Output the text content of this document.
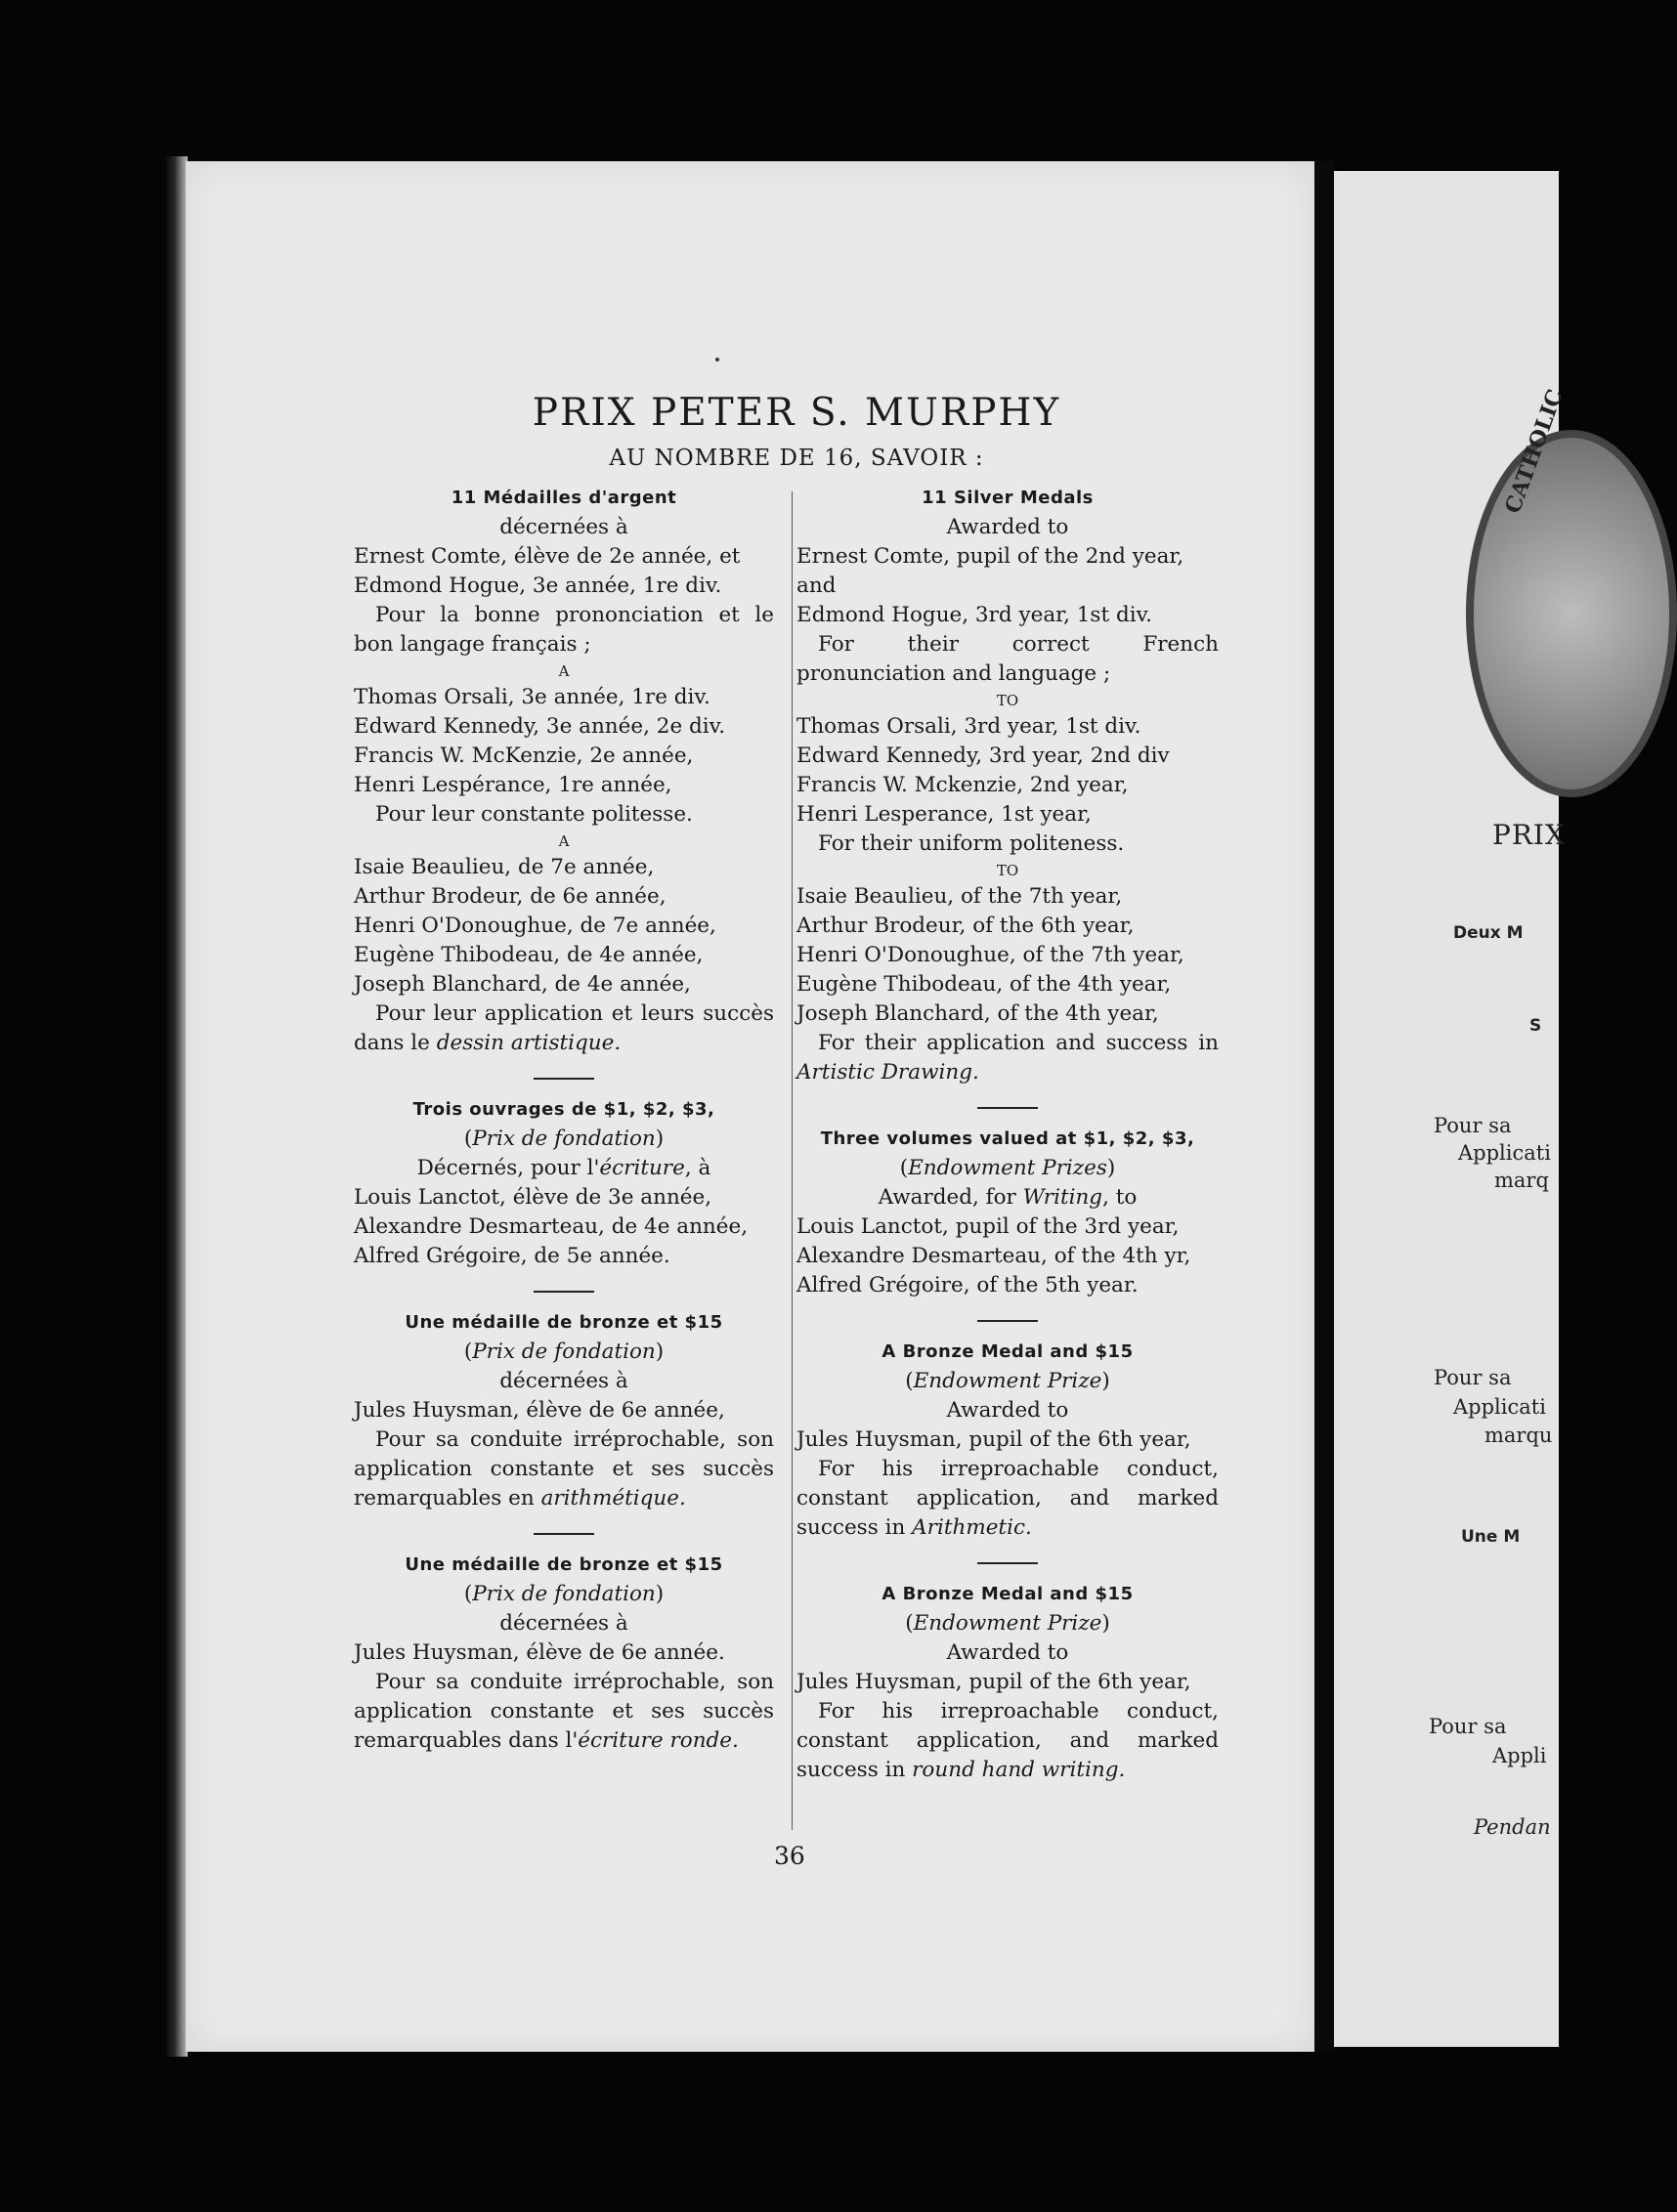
PRIX PETER S. MURPHY
AU NOMBRE DE 16, SAVOIR :

11 Médailles d'argent

décernées à

Ernest Comte, élève de 2e année, et

Edmond Hogue, 3e année, 1re div.

Pour la bonne prononciation et le bon langage français ;

A

Thomas Orsali, 3e année, 1re div.

Edward Kennedy, 3e année, 2e div.

Francis W. McKenzie, 2e année,

Henri Lespérance, 1re année,

Pour leur constante politesse.

A

Isaie Beaulieu, de 7e année,

Arthur Brodeur, de 6e année,

Henri O'Donoughue, de 7e année,

Eugène Thibodeau, de 4e année,

Joseph Blanchard, de 4e année,

Pour leur application et leurs succès dans le dessin artistique.

Trois ouvrages de $1, $2, $3,

(Prix de fondation)

Décernés, pour l'écriture, à

Louis Lanctot, élève de 3e année,

Alexandre Desmarteau, de 4e année,

Alfred Grégoire, de 5e année.

Une médaille de bronze et $15

(Prix de fondation)

décernées à

Jules Huysman, élève de 6e année,

Pour sa conduite irréprochable, son application constante et ses succès remarquables en arithmétique.

Une médaille de bronze et $15

(Prix de fondation)

décernées à

Jules Huysman, élève de 6e année.

Pour sa conduite irréprochable, son application constante et ses succès remarquables dans l'écriture ronde.

11 Silver Medals

Awarded to

Ernest Comte, pupil of the 2nd year, and

Edmond Hogue, 3rd year, 1st div.

For their correct French pronunciation and language ;

TO

Thomas Orsali, 3rd year, 1st div.

Edward Kennedy, 3rd year, 2nd div

Francis W. Mckenzie, 2nd year,

Henri Lesperance, 1st year,

For their uniform politeness.

TO

Isaie Beaulieu, of the 7th year,

Arthur Brodeur, of the 6th year,

Henri O'Donoughue, of the 7th year,

Eugène Thibodeau, of the 4th year,

Joseph Blanchard, of the 4th year,

For their application and success in Artistic Drawing.

Three volumes valued at $1, $2, $3,

(Endowment Prizes)

Awarded, for Writing, to

Louis Lanctot, pupil of the 3rd year,

Alexandre Desmarteau, of the 4th yr,

Alfred Grégoire, of the 5th year.

A Bronze Medal and $15

(Endowment Prize)

Awarded to

Jules Huysman, pupil of the 6th year,

For his irreproachable conduct, constant application, and marked success in Arithmetic.

A Bronze Medal and $15

(Endowment Prize)

Awarded to

Jules Huysman, pupil of the 6th year,

For his irreproachable conduct, constant application, and marked success in round hand writing.

36
CATHOLIC
PRIX
Deux M
S
Pour sa
Applicati
marq
Pour sa
Applicati
marqu
Une M
Pour sa
Appli
Pendan
